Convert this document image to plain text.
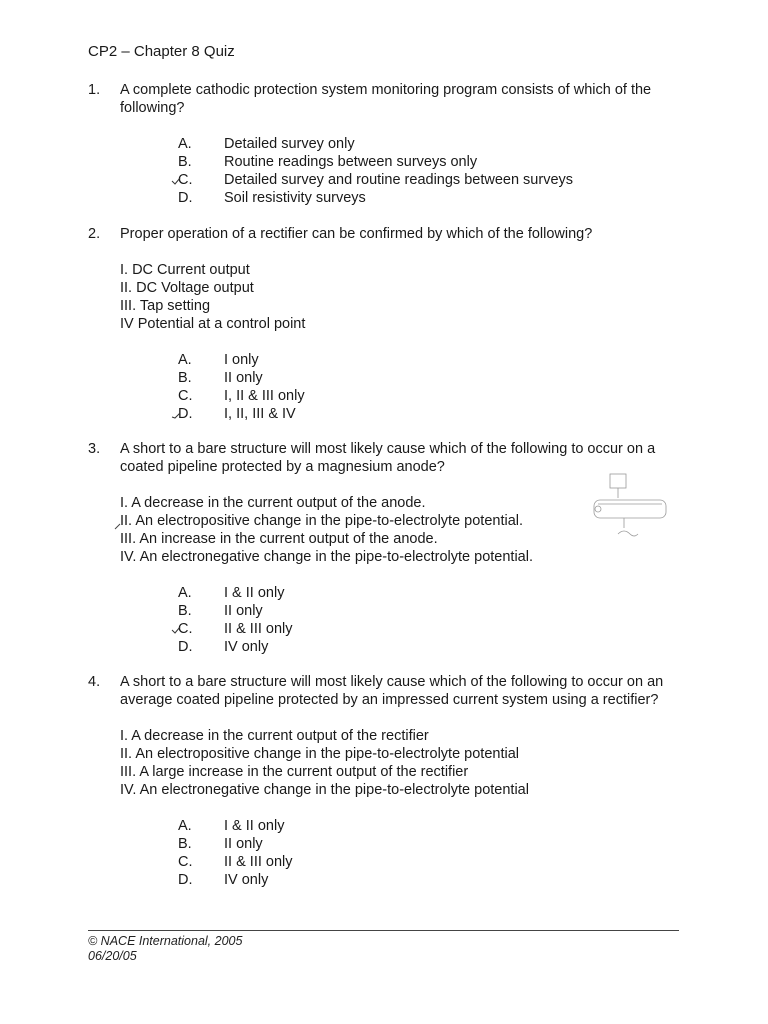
CP2 – Chapter 8 Quiz
1. A complete cathodic protection system monitoring program consists of which of the following?
A.	Detailed survey only
B.	Routine readings between surveys only
C.	Detailed survey and routine readings between surveys
D.	Soil resistivity surveys
2. Proper operation of a rectifier can be confirmed by which of the following?
I. DC Current output
II. DC Voltage output
III. Tap setting
IV Potential at a control point
A.	I only
B.	II only
C.	I, II & III only
D.	I, II, III & IV
3. A short to a bare structure will most likely cause which of the following to occur on a coated pipeline protected by a magnesium anode?
I. A decrease in the current output of the anode.
II. An electropositive change in the pipe-to-electrolyte potential.
III. An increase in the current output of the anode.
IV. An electronegative change in the pipe-to-electrolyte potential.
A.	I & II only
B.	II only
C.	II & III only
D.	IV only
4. A short to a bare structure will most likely cause which of the following to occur on an average coated pipeline protected by an impressed current system using a rectifier?
I. A decrease in the current output of the rectifier
II. An electropositive change in the pipe-to-electrolyte potential
III. A large increase in the current output of the rectifier
IV. An electronegative change in the pipe-to-electrolyte potential
A.	I & II only
B.	II only
C.	II & III only
D.	IV only
© NACE International, 2005
06/20/05
